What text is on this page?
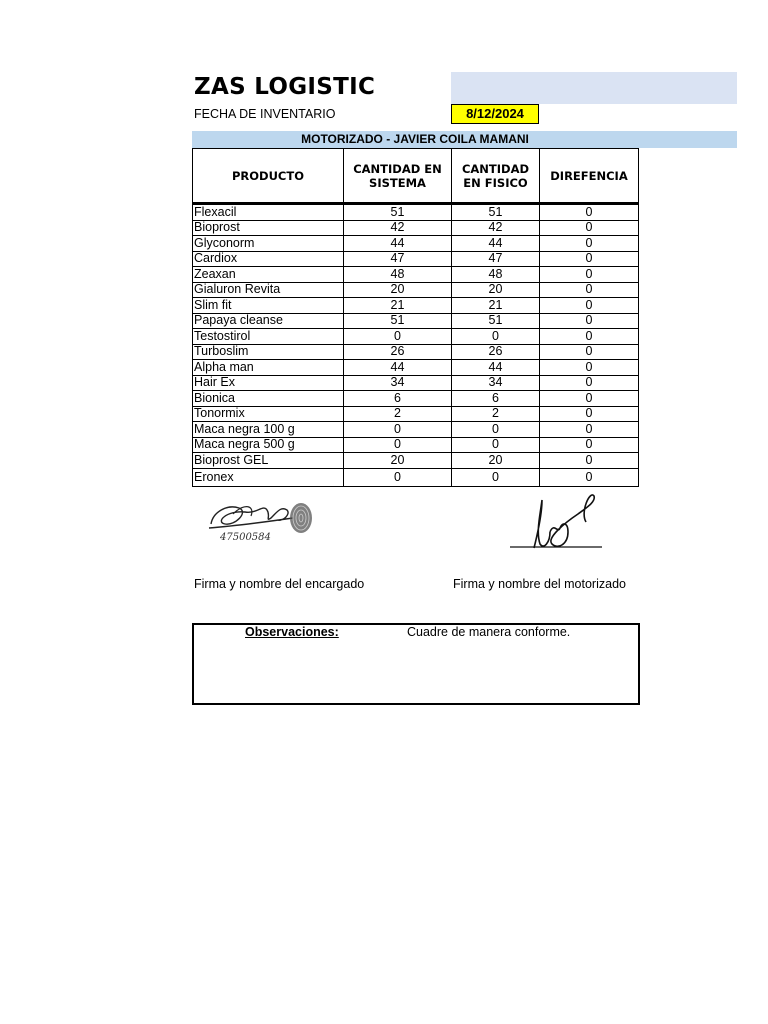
ZAS LOGISTIC
FECHA DE INVENTARIO	8/12/2024
MOTORIZADO - JAVIER COILA MAMANI
PRODUCTO	CANTIDAD EN SISTEMA	CANTIDAD EN FISICO	DIREFENCIA
Flexacil	51	51	0
Bioprost	42	42	0
Glyconorm	44	44	0
Cardiox	47	47	0
Zeaxan	48	48	0
Gialuron Revita	20	20	0
Slim fit	21	21	0
Papaya cleanse	51	51	0
Testostirol	0	0	0
Turboslim	26	26	0
Alpha man	44	44	0
Hair Ex	34	34	0
Bionica	6	6	0
Tonormix	2	2	0
Maca negra 100 g	0	0	0
Maca negra 500 g	0	0	0
Bioprost GEL	20	20	0
Eronex	0	0	0
47500584
Firma y nombre del encargado	Firma y nombre del motorizado
Observaciones:	Cuadre de manera conforme.
